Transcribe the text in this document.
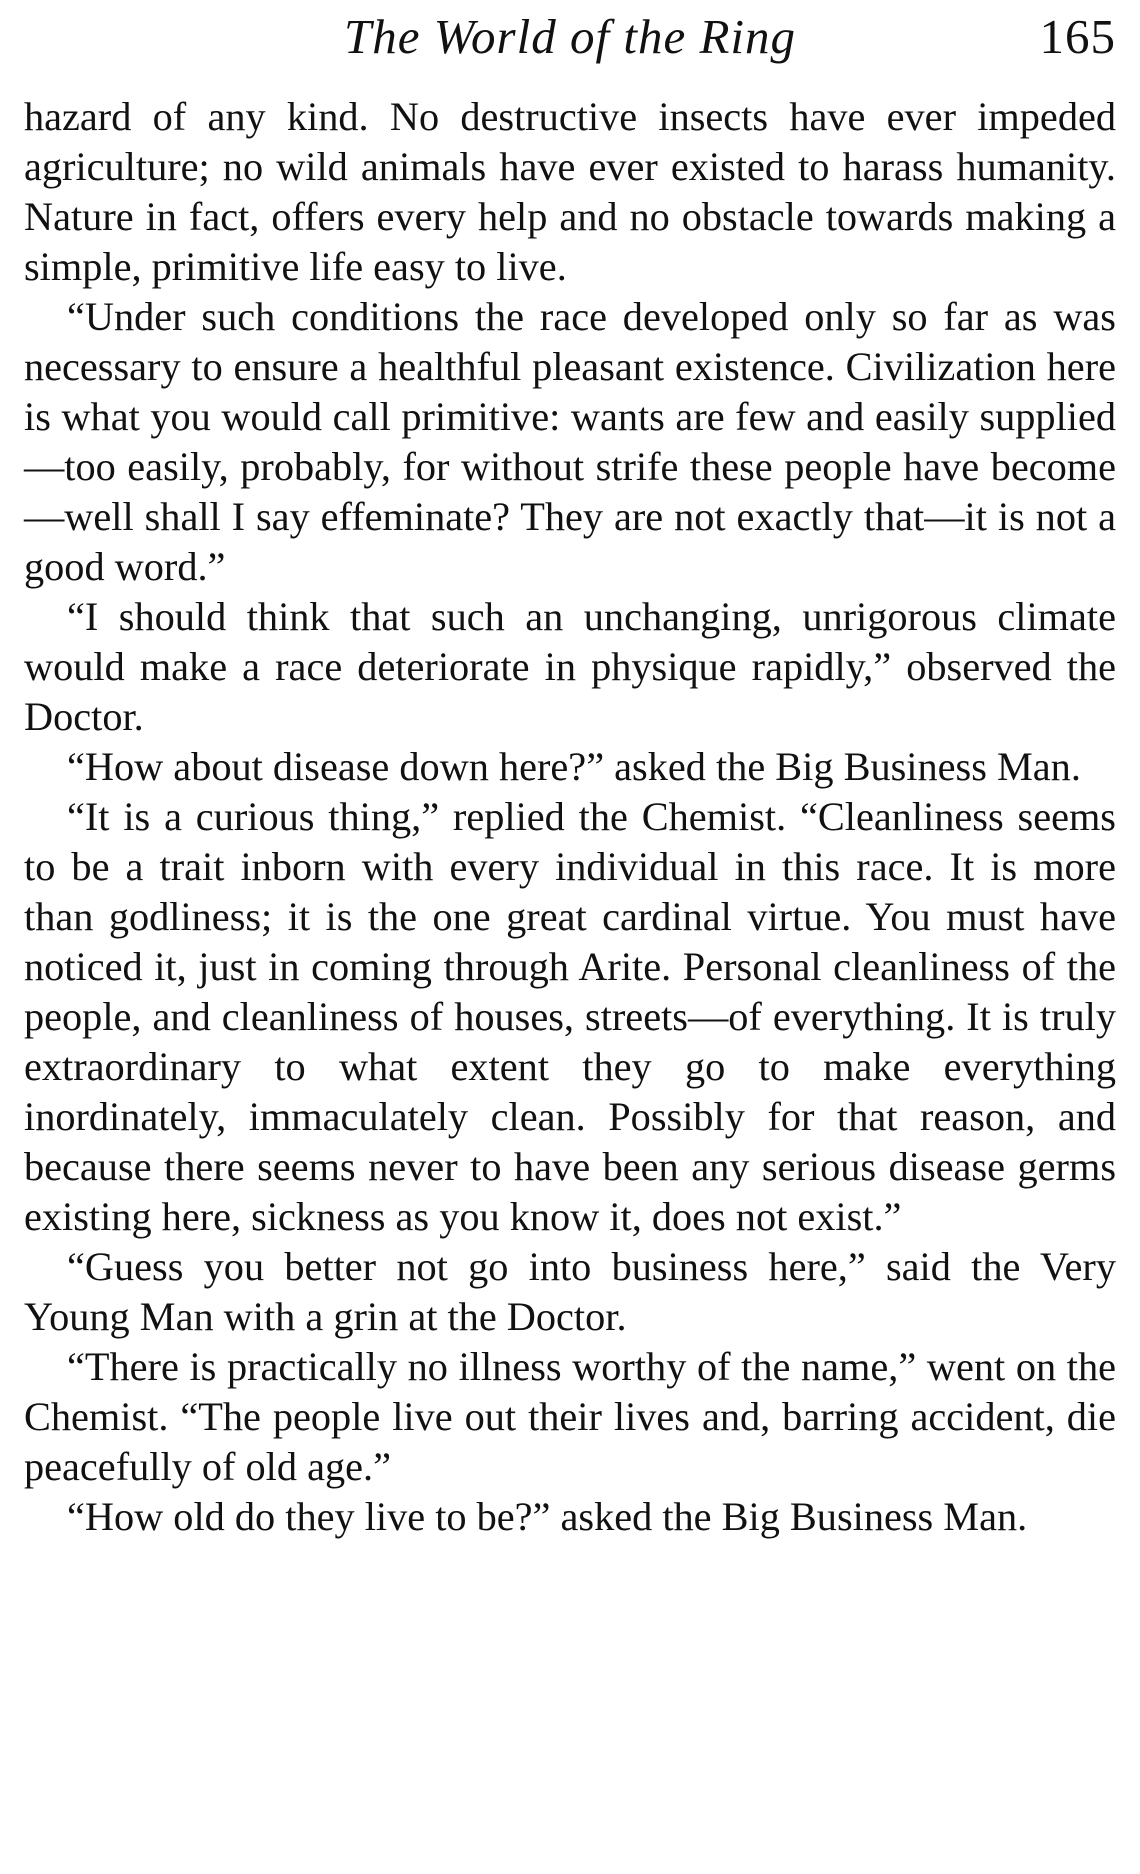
The World of the Ring	165

hazard of any kind. No destructive insects have ever impeded agriculture; no wild animals have ever existed to harass humanity. Nature in fact, offers every help and no obstacle towards making a simple, primitive life easy to live.

“Under such conditions the race developed only so far as was necessary to ensure a healthful pleasant existence. Civilization here is what you would call primitive: wants are few and easily supplied—too easily, probably, for without strife these people have become—well shall I say effeminate? They are not exactly that—it is not a good word.”

“I should think that such an unchanging, unrigorous climate would make a race deteriorate in physique rapidly,” observed the Doctor.

“How about disease down here?” asked the Big Business Man.

“It is a curious thing,” replied the Chemist. “Cleanliness seems to be a trait inborn with every individual in this race. It is more than godliness; it is the one great cardinal virtue. You must have noticed it, just in coming through Arite. Personal cleanliness of the people, and cleanliness of houses, streets—of everything. It is truly extraordinary to what extent they go to make everything inordinately, immaculately clean. Possibly for that reason, and because there seems never to have been any serious disease germs existing here, sickness as you know it, does not exist.”

“Guess you better not go into business here,” said the Very Young Man with a grin at the Doctor.

“There is practically no illness worthy of the name,” went on the Chemist. “The people live out their lives and, barring accident, die peacefully of old age.”

“How old do they live to be?” asked the Big Business Man.
